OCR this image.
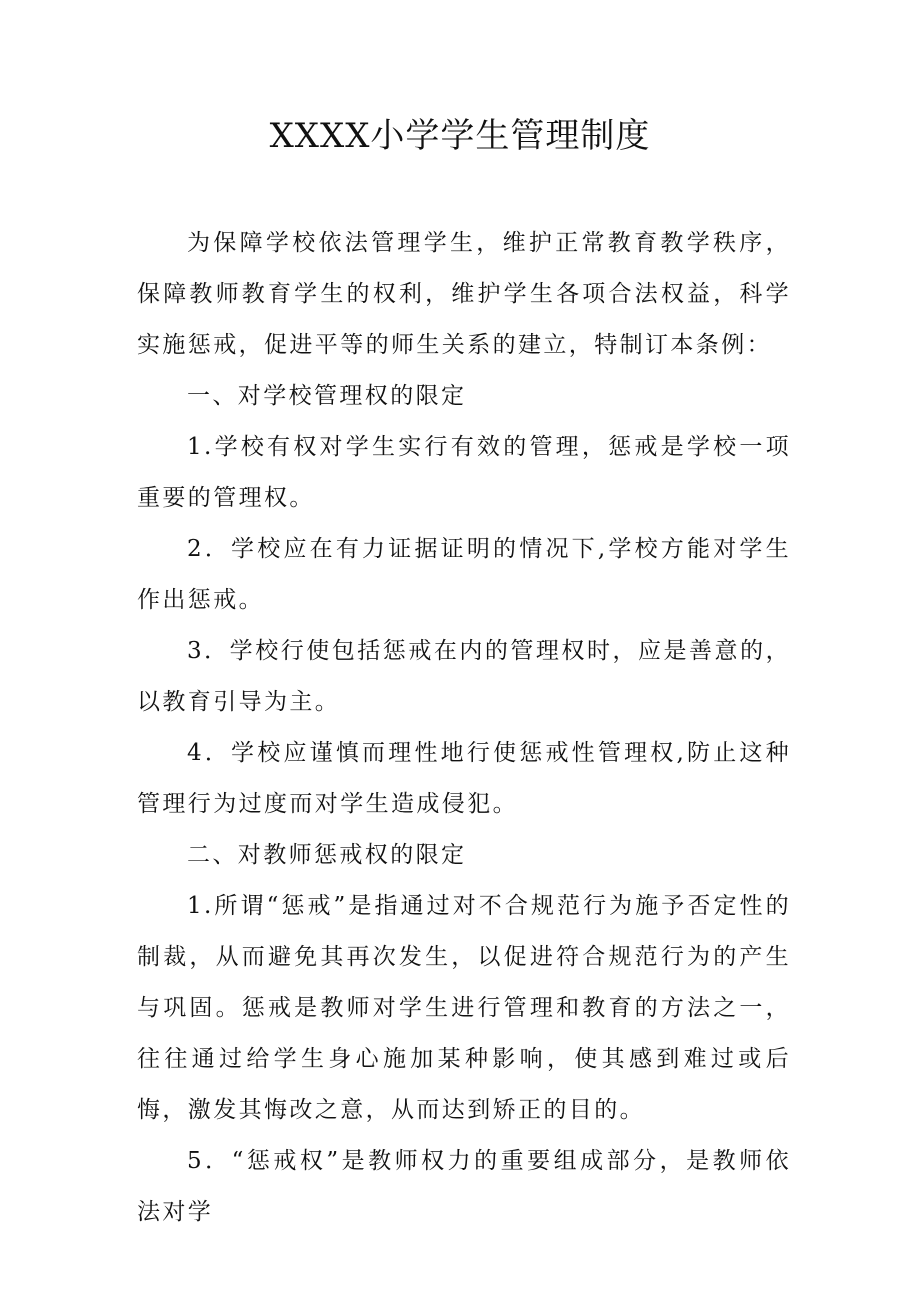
XXXX小学学生管理制度

为保障学校依法管理学生，维护正常教育教学秩序，保障教师教育学生的权利，维护学生各项合法权益，科学实施惩戒，促进平等的师生关系的建立，特制订本条例：

一、对学校管理权的限定

1.学校有权对学生实行有效的管理，惩戒是学校一项重要的管理权。

2．学校应在有力证据证明的情况下,学校方能对学生作出惩戒。

3．学校行使包括惩戒在内的管理权时，应是善意的，以教育引导为主。

4．学校应谨慎而理性地行使惩戒性管理权,防止这种管理行为过度而对学生造成侵犯。

二、对教师惩戒权的限定

1.所谓“惩戒”是指通过对不合规范行为施予否定性的制裁，从而避免其再次发生，以促进符合规范行为的产生与巩固。惩戒是教师对学生进行管理和教育的方法之一，往往通过给学生身心施加某种影响，使其感到难过或后悔，激发其悔改之意，从而达到矫正的目的。

5．“惩戒权”是教师权力的重要组成部分，是教师依法对学
